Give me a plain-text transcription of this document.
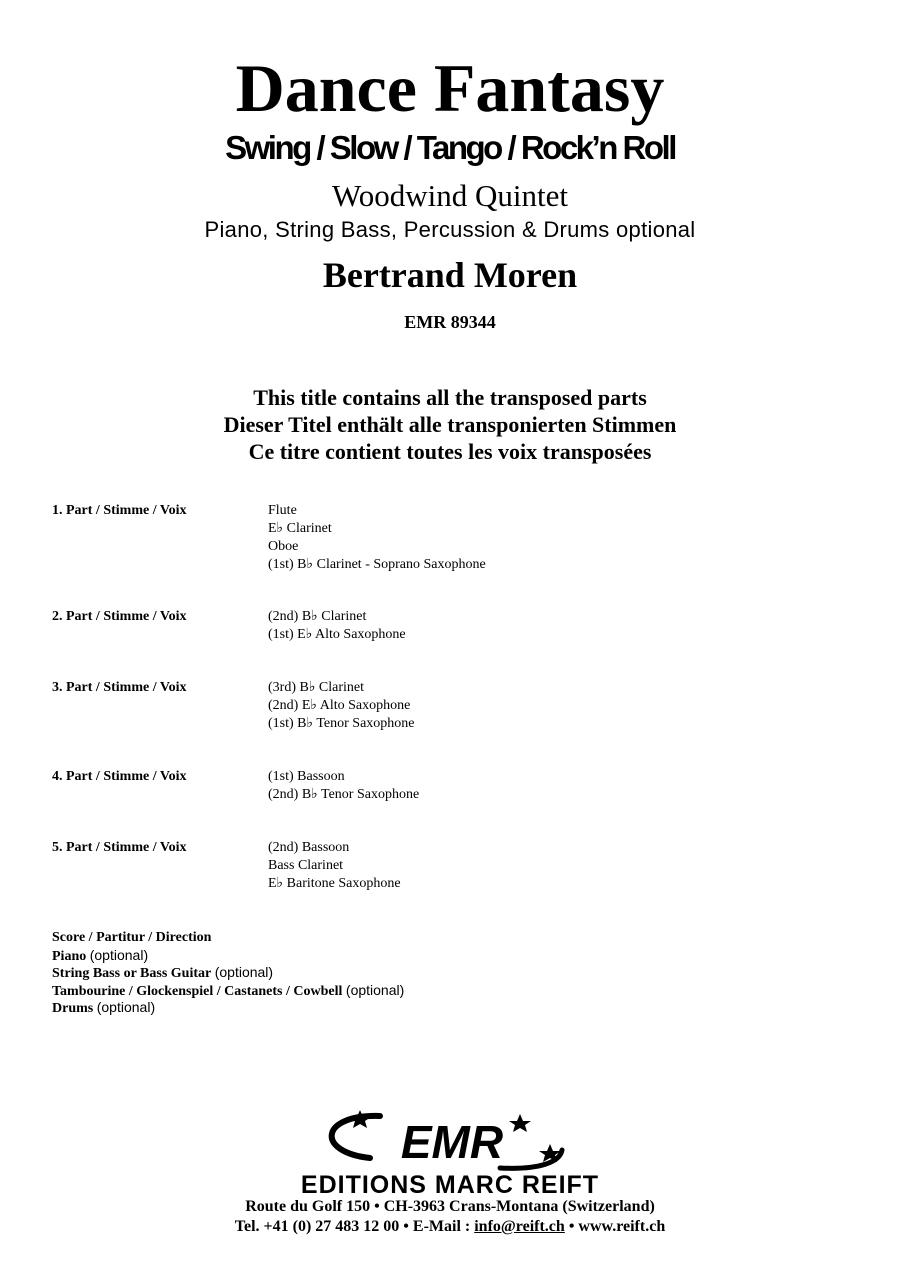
Dance Fantasy
Swing / Slow / Tango / Rock’n Roll
Woodwind Quintet
Piano, String Bass, Percussion & Drums optional
Bertrand Moren
EMR 89344
This title contains all the transposed parts
Dieser Titel enthält alle transponierten Stimmen
Ce titre contient toutes les voix transposées
1. Part / Stimme / Voix	Flute
E♭ Clarinet
Oboe
(1st) B♭ Clarinet - Soprano Saxophone
2. Part / Stimme / Voix	(2nd) B♭ Clarinet
(1st) E♭ Alto Saxophone
3. Part / Stimme / Voix	(3rd) B♭ Clarinet
(2nd) E♭ Alto Saxophone
(1st) B♭ Tenor Saxophone
4. Part / Stimme / Voix	(1st) Bassoon
(2nd) B♭ Tenor Saxophone
5. Part / Stimme / Voix	(2nd) Bassoon
Bass Clarinet
E♭ Baritone Saxophone
Score / Partitur / Direction
Piano (optional)
String Bass or Bass Guitar (optional)
Tambourine / Glockenspiel / Castanets / Cowbell (optional)
Drums (optional)
EMR
EDITIONS MARC REIFT
Route du Golf 150 • CH-3963 Crans-Montana (Switzerland)
Tel. +41 (0) 27 483 12 00 • E-Mail : info@reift.ch • www.reift.ch
